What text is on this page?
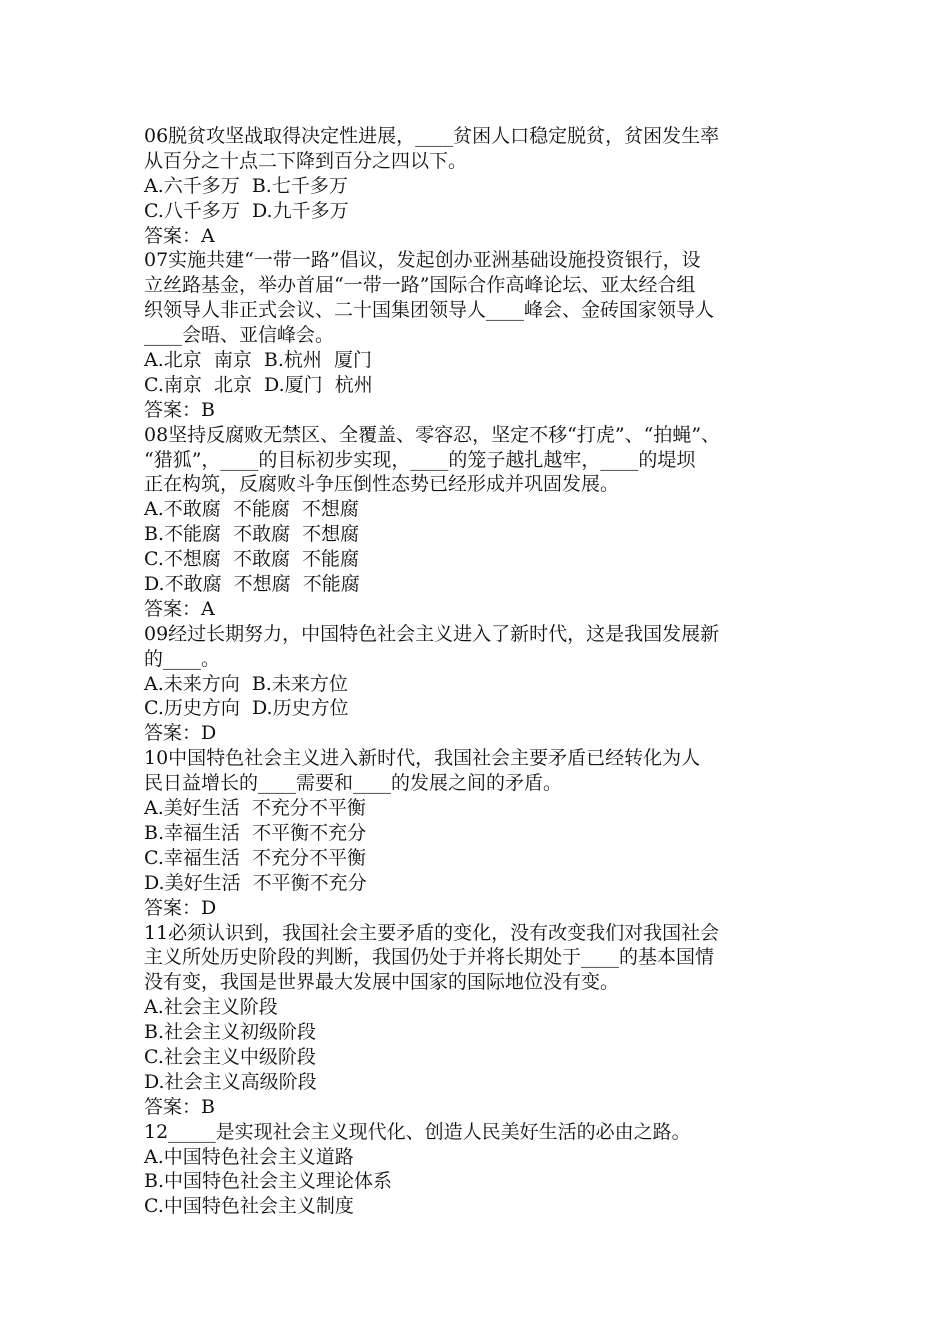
06脱贫攻坚战取得决定性进展，____贫困人口稳定脱贫，贫困发生率
从百分之十点二下降到百分之四以下。
A.六千多万  B.七千多万
C.八千多万  D.九千多万
答案：A
07实施共建“一带一路”倡议，发起创办亚洲基础设施投资银行，设
立丝路基金，举办首届“一带一路”国际合作高峰论坛、亚太经合组
织领导人非正式会议、二十国集团领导人____峰会、金砖国家领导人
____会晤、亚信峰会。
A.北京  南京  B.杭州  厦门
C.南京  北京  D.厦门  杭州
答案：B
08坚持反腐败无禁区、全覆盖、零容忍，坚定不移“打虎”、“拍蝇”、
“猎狐”，____的目标初步实现，____的笼子越扎越牢，____的堤坝
正在构筑，反腐败斗争压倒性态势已经形成并巩固发展。
A.不敢腐  不能腐  不想腐
B.不能腐  不敢腐  不想腐
C.不想腐  不敢腐  不能腐
D.不敢腐  不想腐  不能腐
答案：A
09经过长期努力，中国特色社会主义进入了新时代，这是我国发展新
的____。
A.未来方向  B.未来方位
C.历史方向  D.历史方位
答案：D
10中国特色社会主义进入新时代，我国社会主要矛盾已经转化为人
民日益增长的____需要和____的发展之间的矛盾。
A.美好生活  不充分不平衡
B.幸福生活  不平衡不充分
C.幸福生活  不充分不平衡
D.美好生活  不平衡不充分
答案：D
11必须认识到，我国社会主要矛盾的变化，没有改变我们对我国社会
主义所处历史阶段的判断，我国仍处于并将长期处于____的基本国情
没有变，我国是世界最大发展中国家的国际地位没有变。
A.社会主义阶段
B.社会主义初级阶段
C.社会主义中级阶段
D.社会主义高级阶段
答案：B
12_____是实现社会主义现代化、创造人民美好生活的必由之路。
A.中国特色社会主义道路
B.中国特色社会主义理论体系
C.中国特色社会主义制度
